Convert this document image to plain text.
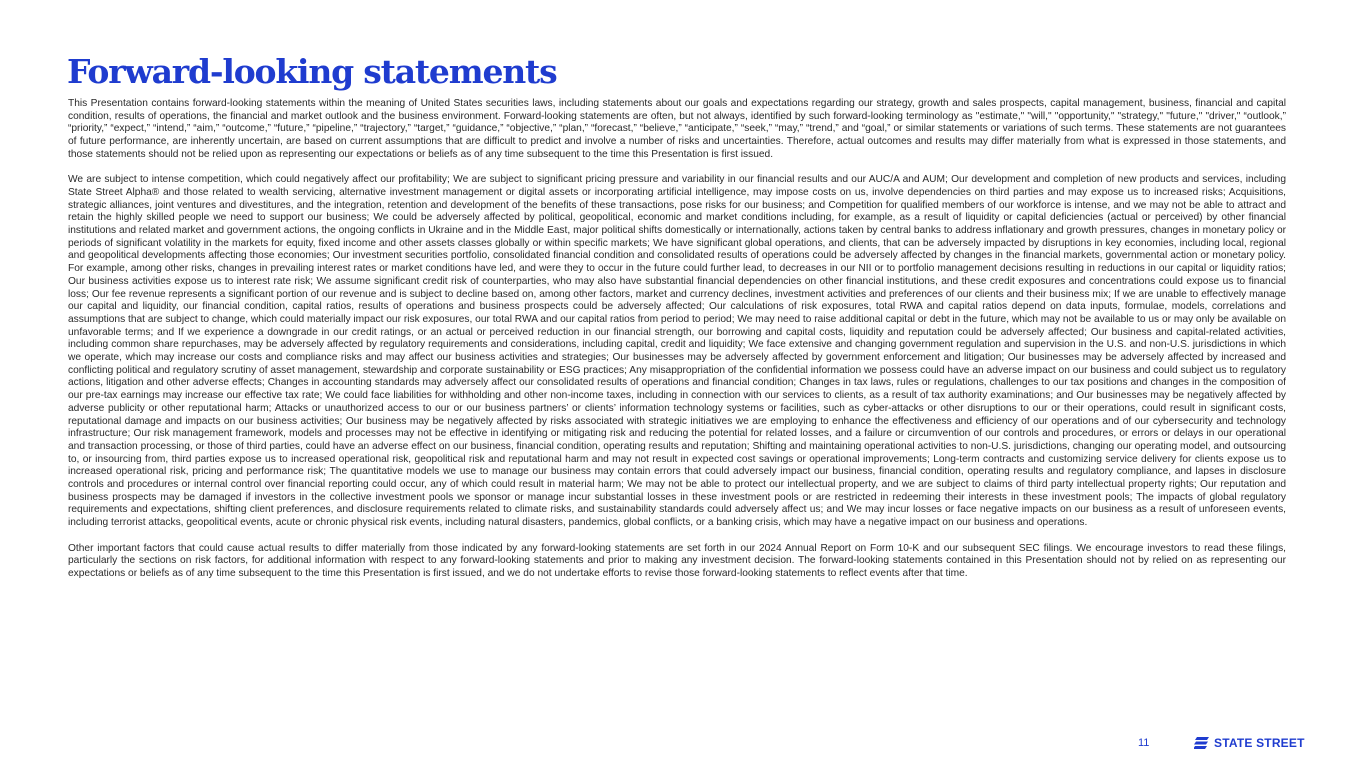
Forward-looking statements

This Presentation contains forward-looking statements within the meaning of United States securities laws, including statements about our goals and expectations regarding our strategy, growth and sales prospects, capital management, business, financial and capital condition, results of operations, the financial and market outlook and the business environment. Forward-looking statements are often, but not always, identified by such forward-looking terminology as "estimate," "will," "opportunity," "strategy," "future," "driver," “outlook,” “priority,” “expect,” “intend,” “aim,” “outcome,” “future,” “pipeline,” “trajectory,” “target,” “guidance,” “objective,” “plan,” “forecast,” “believe,” “anticipate,” “seek,” “may,” “trend,” and “goal,” or similar statements or variations of such terms. These statements are not guarantees of future performance, are inherently uncertain, are based on current assumptions that are difficult to predict and involve a number of risks and uncertainties. Therefore, actual outcomes and results may differ materially from what is expressed in those statements, and those statements should not be relied upon as representing our expectations or beliefs as of any time subsequent to the time this Presentation is first issued.

We are subject to intense competition, which could negatively affect our profitability; We are subject to significant pricing pressure and variability in our financial results and our AUC/A and AUM; Our development and completion of new products and services, including State Street Alpha® and those related to wealth servicing, alternative investment management or digital assets or incorporating artificial intelligence, may impose costs on us, involve dependencies on third parties and may expose us to increased risks; Acquisitions, strategic alliances, joint ventures and divestitures, and the integration, retention and development of the benefits of these transactions, pose risks for our business; and Competition for qualified members of our workforce is intense, and we may not be able to attract and retain the highly skilled people we need to support our business; We could be adversely affected by political, geopolitical, economic and market conditions including, for example, as a result of liquidity or capital deficiencies (actual or perceived) by other financial institutions and related market and government actions, the ongoing conflicts in Ukraine and in the Middle East, major political shifts domestically or internationally, actions taken by central banks to address inflationary and growth pressures, changes in monetary policy or periods of significant volatility in the markets for equity, fixed income and other assets classes globally or within specific markets; We have significant global operations, and clients, that can be adversely impacted by disruptions in key economies, including local, regional and geopolitical developments affecting those economies; Our investment securities portfolio, consolidated financial condition and consolidated results of operations could be adversely affected by changes in the financial markets, governmental action or monetary policy. For example, among other risks, changes in prevailing interest rates or market conditions have led, and were they to occur in the future could further lead, to decreases in our NII or to portfolio management decisions resulting in reductions in our capital or liquidity ratios; Our business activities expose us to interest rate risk; We assume significant credit risk of counterparties, who may also have substantial financial dependencies on other financial institutions, and these credit exposures and concentrations could expose us to financial loss; Our fee revenue represents a significant portion of our revenue and is subject to decline based on, among other factors, market and currency declines, investment activities and preferences of our clients and their business mix; If we are unable to effectively manage our capital and liquidity, our financial condition, capital ratios, results of operations and business prospects could be adversely affected; Our calculations of risk exposures, total RWA and capital ratios depend on data inputs, formulae, models, correlations and assumptions that are subject to change, which could materially impact our risk exposures, our total RWA and our capital ratios from period to period; We may need to raise additional capital or debt in the future, which may not be available to us or may only be available on unfavorable terms; and If we experience a downgrade in our credit ratings, or an actual or perceived reduction in our financial strength, our borrowing and capital costs, liquidity and reputation could be adversely affected; Our business and capital-related activities, including common share repurchases, may be adversely affected by regulatory requirements and considerations, including capital, credit and liquidity; We face extensive and changing government regulation and supervision in the U.S. and non-U.S. jurisdictions in which we operate, which may increase our costs and compliance risks and may affect our business activities and strategies; Our businesses may be adversely affected by government enforcement and litigation; Our businesses may be adversely affected by increased and conflicting political and regulatory scrutiny of asset management, stewardship and corporate sustainability or ESG practices; Any misappropriation of the confidential information we possess could have an adverse impact on our business and could subject us to regulatory actions, litigation and other adverse effects; Changes in accounting standards may adversely affect our consolidated results of operations and financial condition; Changes in tax laws, rules or regulations, challenges to our tax positions and changes in the composition of our pre-tax earnings may increase our effective tax rate; We could face liabilities for withholding and other non-income taxes, including in connection with our services to clients, as a result of tax authority examinations; and Our businesses may be negatively affected by adverse publicity or other reputational harm; Attacks or unauthorized access to our or our business partners’ or clients’ information technology systems or facilities, such as cyber-attacks or other disruptions to our or their operations, could result in significant costs, reputational damage and impacts on our business activities; Our business may be negatively affected by risks associated with strategic initiatives we are employing to enhance the effectiveness and efficiency of our operations and of our cybersecurity and technology infrastructure; Our risk management framework, models and processes may not be effective in identifying or mitigating risk and reducing the potential for related losses, and a failure or circumvention of our controls and procedures, or errors or delays in our operational and transaction processing, or those of third parties, could have an adverse effect on our business, financial condition, operating results and reputation; Shifting and maintaining operational activities to non-U.S. jurisdictions, changing our operating model, and outsourcing to, or insourcing from, third parties expose us to increased operational risk, geopolitical risk and reputational harm and may not result in expected cost savings or operational improvements; Long-term contracts and customizing service delivery for clients expose us to increased operational risk, pricing and performance risk; The quantitative models we use to manage our business may contain errors that could adversely impact our business, financial condition, operating results and regulatory compliance, and lapses in disclosure controls and procedures or internal control over financial reporting could occur, any of which could result in material harm; We may not be able to protect our intellectual property, and we are subject to claims of third party intellectual property rights; Our reputation and business prospects may be damaged if investors in the collective investment pools we sponsor or manage incur substantial losses in these investment pools or are restricted in redeeming their interests in these investment pools; The impacts of global regulatory requirements and expectations, shifting client preferences, and disclosure requirements related to climate risks, and sustainability standards could adversely affect us; and We may incur losses or face negative impacts on our business as a result of unforeseen events, including terrorist attacks, geopolitical events, acute or chronic physical risk events, including natural disasters, pandemics, global conflicts, or a banking crisis, which may have a negative impact on our business and operations.

Other important factors that could cause actual results to differ materially from those indicated by any forward-looking statements are set forth in our 2024 Annual Report on Form 10-K and our subsequent SEC filings. We encourage investors to read these filings, particularly the sections on risk factors, for additional information with respect to any forward-looking statements and prior to making any investment decision. The forward-looking statements contained in this Presentation should not by relied on as representing our expectations or beliefs as of any time subsequent to the time this Presentation is first issued, and we do not undertake efforts to revise those forward-looking statements to reflect events after that time.

11	STATE STREET
